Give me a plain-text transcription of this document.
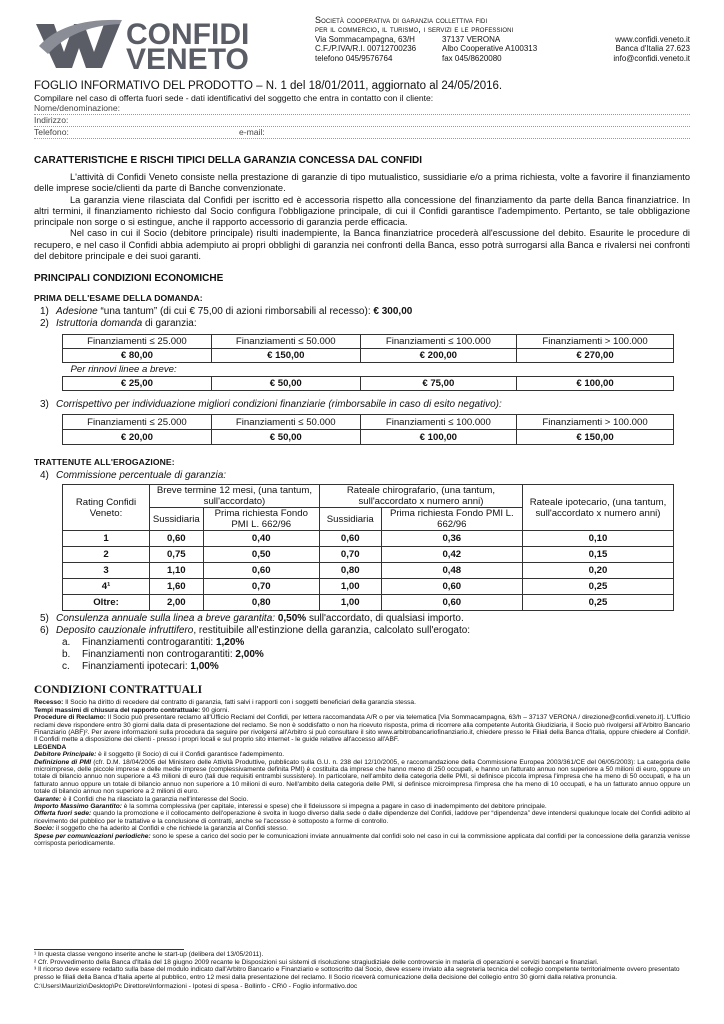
CONFIDI
VENETO
Società cooperativa di garanzia collettiva fidi
per il commercio, il turismo, i servizi e le professioni
Via Sommacampagna, 63/H	37137 VERONA	www.confidi.veneto.it
C.F./P.IVA/R.I. 00712700236	Albo Cooperative A100313	Banca d'Italia 27.623
telefono 045/9576764	fax 045/8620080	info@confidi.veneto.it
FOGLIO INFORMATIVO DEL PRODOTTO – N. 1 del 18/01/2011, aggiornato al 24/05/2016.
Compilare nel caso di offerta fuori sede - dati identificativi del soggetto che entra in contatto con il cliente:
Nome/denominazione:
Indirizzo:
Telefono:	e-mail:
CARATTERISTICHE E RISCHI TIPICI DELLA GARANZIA CONCESSA DAL CONFIDI

L'attività di Confidi Veneto consiste nella prestazione di garanzie di tipo mutualistico, sussidiarie e/o a prima richiesta, volte a favorire il finanziamento delle imprese socie/clienti da parte di Banche convenzionate.

La garanzia viene rilasciata dal Confidi per iscritto ed è accessoria rispetto alla concessione del finanziamento da parte della Banca finanziatrice. In altri termini, il finanziamento richiesto dal Socio configura l'obbligazione principale, di cui il Confidi garantisce l'adempimento. Pertanto, se tale obbligazione principale non sorge o si estingue, anche il rapporto accessorio di garanzia perde efficacia.

Nel caso in cui il Socio (debitore principale) risulti inadempiente, la Banca finanziatrice procederà all'escussione del debito. Esaurite le procedure di recupero, e nel caso il Confidi abbia adempiuto ai propri obblighi di garanzia nei confronti della Banca, esso potrà surrogarsi alla Banca e rivalersi nei confronti del debitore principale e dei suoi garanti.

PRINCIPALI CONDIZIONI ECONOMICHE
PRIMA DELL'ESAME DELLA DOMANDA:
1) Adesione “una tantum” (di cui € 75,00 di azioni rimborsabili al recesso): € 300,00
2) Istruttoria domanda di garanzia:
Finanziamenti ≤ 25.000	Finanziamenti ≤ 50.000	Finanziamenti ≤ 100.000	Finanziamenti > 100.000
€ 80,00	€ 150,00	€ 200,00	€ 270,00
Per rinnovi linee a breve:			
€ 25,00	€ 50,00	€ 75,00	€ 100,00
3) Corrispettivo per individuazione migliori condizioni finanziarie (rimborsabile in caso di esito negativo):
Finanziamenti ≤ 25.000	Finanziamenti ≤ 50.000	Finanziamenti ≤ 100.000	Finanziamenti > 100.000
€ 20,00	€ 50,00	€ 100,00	€ 150,00
TRATTENUTE ALL'EROGAZIONE:
4) Commissione percentuale di garanzia:
Rating Confidi Veneto:	Breve termine 12 mesi, (una tantum, sull'accordato)		Rateale chirografario, (una tantum, sull'accordato x numero anni)		Rateale ipotecario, (una tantum, sull'accordato x numero anni)
	Sussidiaria	Prima richiesta Fondo PMI L. 662/96	Sussidiaria	Prima richiesta Fondo PMI L. 662/96	
1	0,60	0,40	0,60	0,36	0,10
2	0,75	0,50	0,70	0,42	0,15
3	1,10	0,60	0,80	0,48	0,20
4¹	1,60	0,70	1,00	0,60	0,25
Oltre:	2,00	0,80	1,00	0,60	0,25
5) Consulenza annuale sulla linea a breve garantita: 0,50% sull'accordato, di qualsiasi importo.
6) Deposito cauzionale infruttifero, restituibile all'estinzione della garanzia, calcolato sull'erogato:
a.	Finanziamenti controgarantiti: 1,20%
b.	Finanziamenti non controgarantiti: 2,00%
c.	Finanziamenti ipotecari: 1,00%
CONDIZIONI CONTRATTUALI

Recesso: Il Socio ha diritto di recedere dal contratto di garanzia, fatti salvi i rapporti con i soggetti beneficiari della garanzia stessa.

Tempi massimi di chiusura del rapporto contrattuale: 90 giorni.

Procedure di Reclamo: Il Socio può presentare reclamo all'Ufficio Reclami del Confidi, per lettera raccomandata A/R o per via telematica [Via Sommacampagna, 63/h – 37137 VERONA / direzione@confidi.veneto.it]. L'Ufficio reclami deve rispondere entro 30 giorni dalla data di presentazione del reclamo. Se non è soddisfatto o non ha ricevuto risposta, prima di ricorrere alla competente Autorità Giudiziaria, il Socio può rivolgersi all'Arbitro Bancario Finanziario (ABF)². Per avere informazioni sulla procedura da seguire per rivolgersi all'Arbitro si può consultare il sito www.arbitrobancariofinanziario.it, chiedere presso le Filiali della Banca d'Italia, oppure chiedere al Confidi³. Il Confidi mette a disposizione dei clienti - presso i propri locali e sul proprio sito internet - le guide relative all'accesso all'ABF.

LEGENDA

Debitore Principale: è il soggetto (il Socio) di cui il Confidi garantisce l'adempimento.

Definizione di PMI (cfr. D.M. 18/04/2005 del Ministero delle Attività Produttive, pubblicato sulla G.U. n. 238 del 12/10/2005, e raccomandazione della Commissione Europea 2003/361/CE del 06/05/2003): La categoria delle microimprese, delle piccole imprese e delle medie imprese (complessivamente definita PMI) è costituita da imprese che hanno meno di 250 occupati, e hanno un fatturato annuo non superiore a 50 milioni di euro, oppure un totale di bilancio annuo non superiore a 43 milioni di euro (tali due requisiti entrambi sussistere). In particolare, nell'ambito della categoria delle PMI, si definisce piccola impresa l'impresa che ha meno di 50 occupati, e ha un fatturato annuo oppure un totale di bilancio annuo non superiore a 10 milioni di euro. Nell'ambito della categoria delle PMI, si definisce microimpresa l'impresa che ha meno di 10 occupati, e ha un fatturato annuo oppure un totale di bilancio annuo non superiore a 2 milioni di euro.

Garante: è il Confidi che ha rilasciato la garanzia nell'interesse del Socio.

Importo Massimo Garantito: è la somma complessiva (per capitale, interessi e spese) che il fideiussore si impegna a pagare in caso di inadempimento del debitore principale.

Offerta fuori sede: quando la promozione e il collocamento dell'operazione è svolta in luogo diverso dalla sede o dalle dipendenze del Confidi, laddove per “dipendenza” deve intendersi qualunque locale del Confidi adibito al ricevimento del pubblico per le trattative e la conclusione di contratti, anche se l'accesso è sottoposto a forme di controllo.

Socio: il soggetto che ha aderito al Confidi e che richiede la garanzia al Confidi stesso.

Spese per comunicazioni periodiche: sono le spese a carico del socio per le comunicazioni inviate annualmente dal confidi solo nel caso in cui la commissione applicata dal confidi per la concessione della garanzia venisse corrisposta periodicamente.

¹ In questa classe vengono inserite anche le start-up (delibera del 13/05/2011).
² Cfr. Provvedimento della Banca d'Italia del 18 giugno 2009 recante le Disposizioni sui sistemi di risoluzione stragiudiziale delle controversie in materia di operazioni e servizi bancari e finanziari.
³ Il ricorso deve essere redatto sulla base del modulo indicato dall'Arbitro Bancario e Finanziario e sottoscritto dal Socio, deve essere inviato alla segreteria tecnica del collegio competente territorialmente ovvero presentato presso le filiali della Banca d'Italia aperte al pubblico, entro 12 mesi dalla presentazione del reclamo. Il Socio riceverà comunicazione della decisione del collegio entro 30 giorni dalla relativa pronuncia.
C:\Users\Maurizio\Desktop\Pc Direttore\Informazioni - Ipotesi di spesa - Bollinfo - CR\0 - Foglio informativo.doc
